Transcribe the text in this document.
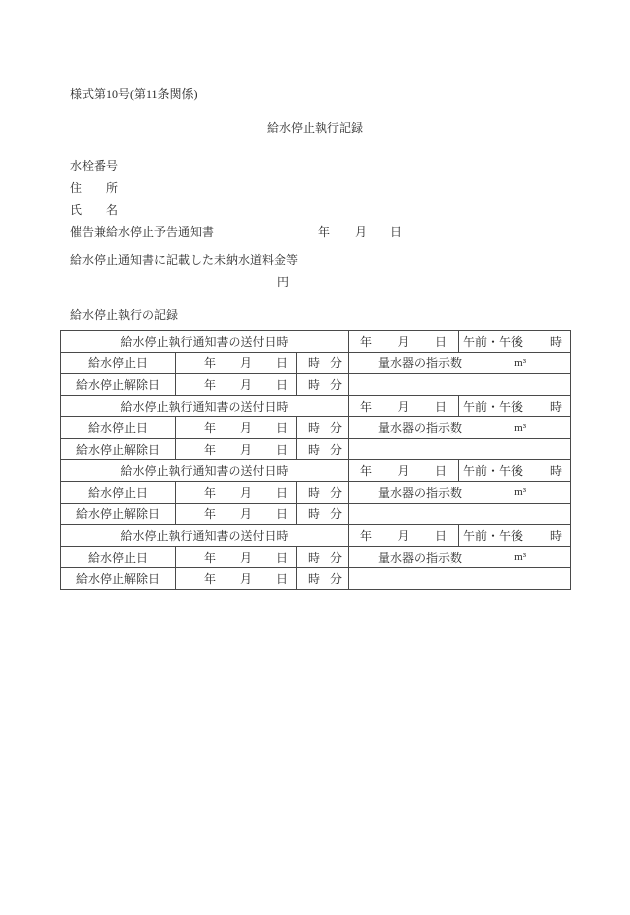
様式第10号(第11条関係)
給水停止執行記録
水栓番号
住　　所
氏　　名
催告兼給水停止予告通知書	年 月 日
給水停止通知書に記載した未納水道料金等
円
給水停止執行の記録
給水停止執行通知書の送付日時			年 月 日	午前・午後 時

給水停止日	年 月 日	時 分	量水器の指示数 m³	

給水停止解除日	年 月 日	時 分		

給水停止執行通知書の送付日時			年 月 日	午前・午後 時

給水停止日	年 月 日	時 分	量水器の指示数 m³	

給水停止解除日	年 月 日	時 分		

給水停止執行通知書の送付日時			年 月 日	午前・午後 時

給水停止日	年 月 日	時 分	量水器の指示数 m³	

給水停止解除日	年 月 日	時 分		

給水停止執行通知書の送付日時			年 月 日	午前・午後 時

給水停止日	年 月 日	時 分	量水器の指示数 m³	

給水停止解除日	年 月 日	時 分		
